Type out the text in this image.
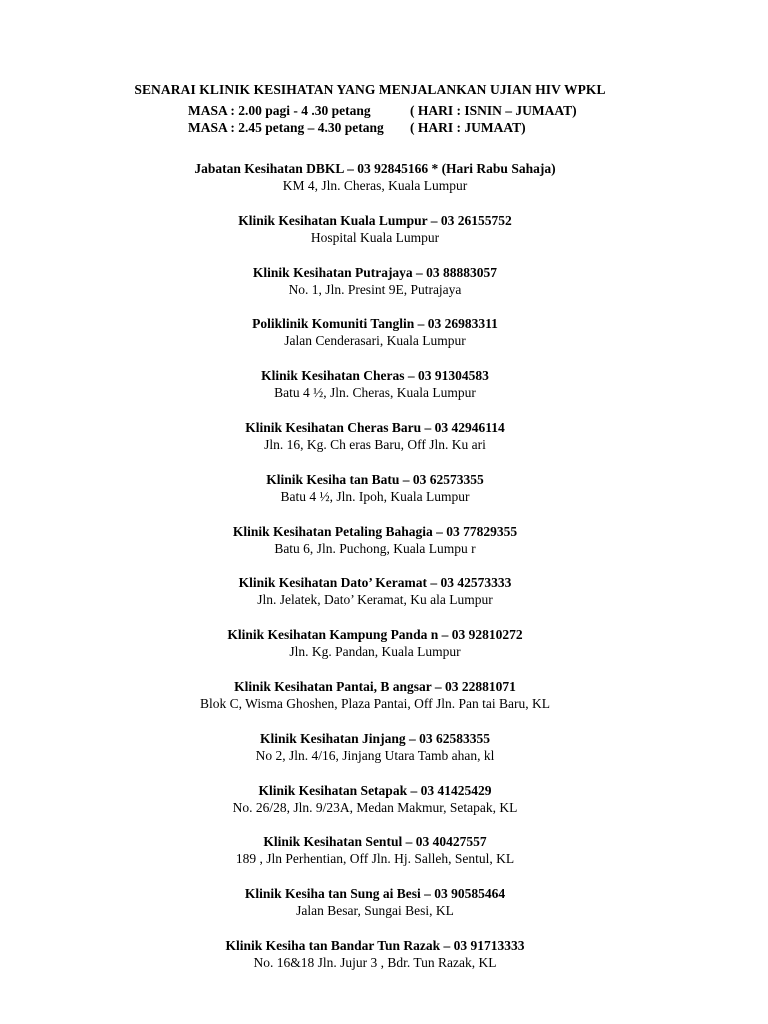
SENARAI KLINIK KESIHATAN YANG MENJALANKAN UJIAN HIV WPKL
MASA : 2.00 pagi - 4 .30 petang	( HARI : ISNIN – JUMAAT)
MASA : 2.45 petang – 4.30 petang ( HARI : JUMAAT)
Jabatan Kesihatan DBKL – 03 92845166 * (Hari Rabu Sahaja)
KM 4, Jln. Cheras, Kuala Lumpur
Klinik Kesihatan Kuala Lumpur – 03 26155752
Hospital Kuala Lumpur
Klinik Kesihatan Putrajaya – 03 88883057
No. 1, Jln. Presint 9E, Putrajaya
Poliklinik Komuniti Tanglin – 03 26983311
Jalan Cenderasari, Kuala Lumpur
Klinik Kesihatan Cheras – 03 91304583
Batu 4 ½, Jln. Cheras, Kuala Lumpur
Klinik Kesihatan Cheras Baru – 03 42946114
Jln. 16, Kg. Ch eras Baru, Off Jln. Ku ari
Klinik Kesiha tan Batu – 03 62573355
Batu 4 ½, Jln. Ipoh, Kuala Lumpur
Klinik Kesihatan Petaling Bahagia – 03 77829355
Batu 6, Jln. Puchong, Kuala Lumpu r
Klinik Kesihatan Dato’ Keramat – 03 42573333
Jln. Jelatek, Dato’ Keramat, Ku ala Lumpur
Klinik Kesihatan Kampung Panda n – 03 92810272
Jln. Kg. Pandan, Kuala Lumpur
Klinik Kesihatan Pantai, B angsar – 03 22881071
Blok C, Wisma Ghoshen, Plaza Pantai, Off Jln. Pan tai Baru, KL
Klinik Kesihatan Jinjang – 03 62583355
No 2, Jln. 4/16, Jinjang Utara Tamb ahan, kl
Klinik Kesihatan Setapak – 03 41425429
No. 26/28, Jln. 9/23A, Medan Makmur, Setapak, KL
Klinik Kesihatan Sentul – 03 40427557
189 , Jln Perhentian, Off Jln. Hj. Salleh, Sentul, KL
Klinik Kesiha tan Sung ai Besi – 03 90585464
Jalan Besar, Sungai Besi, KL
Klinik Kesiha tan Bandar Tun Razak – 03 91713333
No. 16&18 Jln. Jujur 3 , Bdr. Tun Razak, KL
